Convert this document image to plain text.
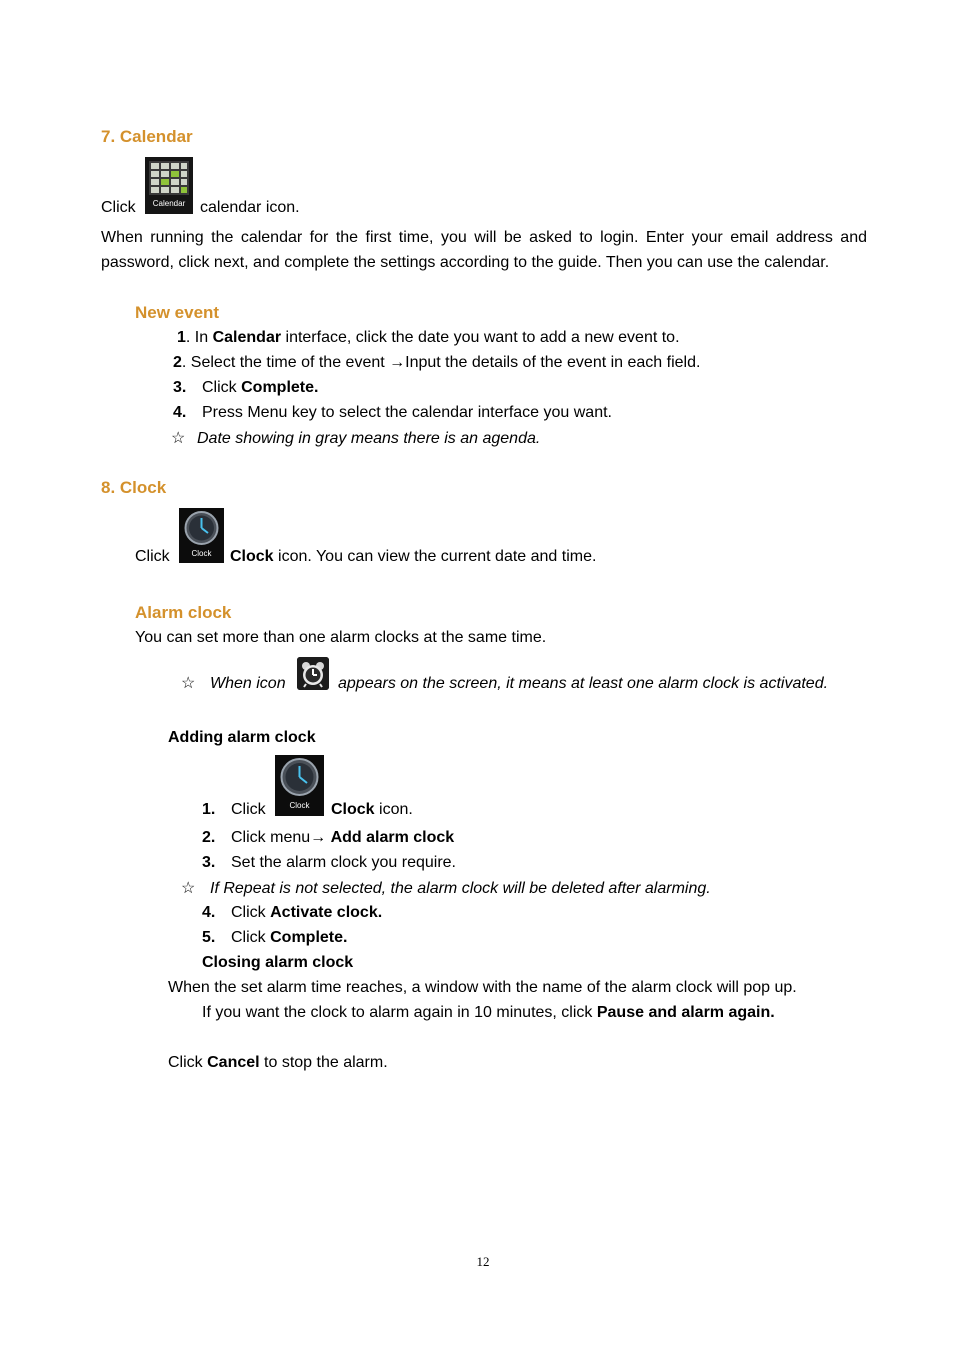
7. Calendar
Click	Calendar calendar icon.
When running the calendar for the first time, you will be asked to login. Enter your email address and password, click next, and complete the settings according to the guide. Then you can use the calendar.
New event
1. In Calendar interface, click the date you want to add a new event to.
2. Select the time of the event →Input the details of the event in each field.
3. Click Complete.
4. Press Menu key to select the calendar interface you want.
☆ Date showing in gray means there is an agenda.
8. Clock
Click	Clock	Clock icon. You can view the current date and time.
Alarm clock
You can set more than one alarm clocks at the same time.
☆ When icon	appears on the screen, it means at least one alarm clock is activated.
Adding alarm clock
1. Click	Clock	Clock icon.
2. Click menu→ Add alarm clock
3. Set the alarm clock you require.
☆ If Repeat is not selected, the alarm clock will be deleted after alarming.
4. Click Activate clock.
5. Click Complete.
Closing alarm clock
When the set alarm time reaches, a window with the name of the alarm clock will pop up.
If you want the clock to alarm again in 10 minutes, click Pause and alarm again.
Click Cancel to stop the alarm.
12
